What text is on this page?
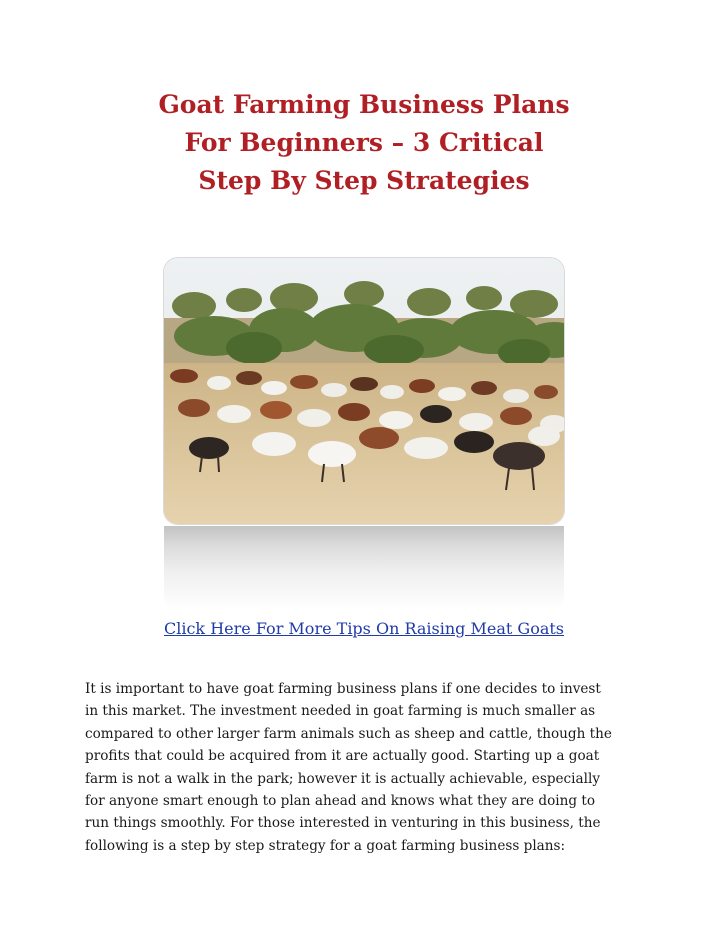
Goat Farming Business Plans
For Beginners – 3 Critical
Step By Step Strategies
Click Here For More Tips On Raising Meat Goats

It is important to have goat farming business plans if one decides to invest
in this market. The investment needed in goat farming is much smaller as
compared to other larger farm animals such as sheep and cattle, though the
profits that could be acquired from it are actually good. Starting up a goat
farm is not a walk in the park; however it is actually achievable, especially
for anyone smart enough to plan ahead and knows what they are doing to
run things smoothly. For those interested in venturing in this business, the
following is a step by step strategy for a goat farming business plans:
